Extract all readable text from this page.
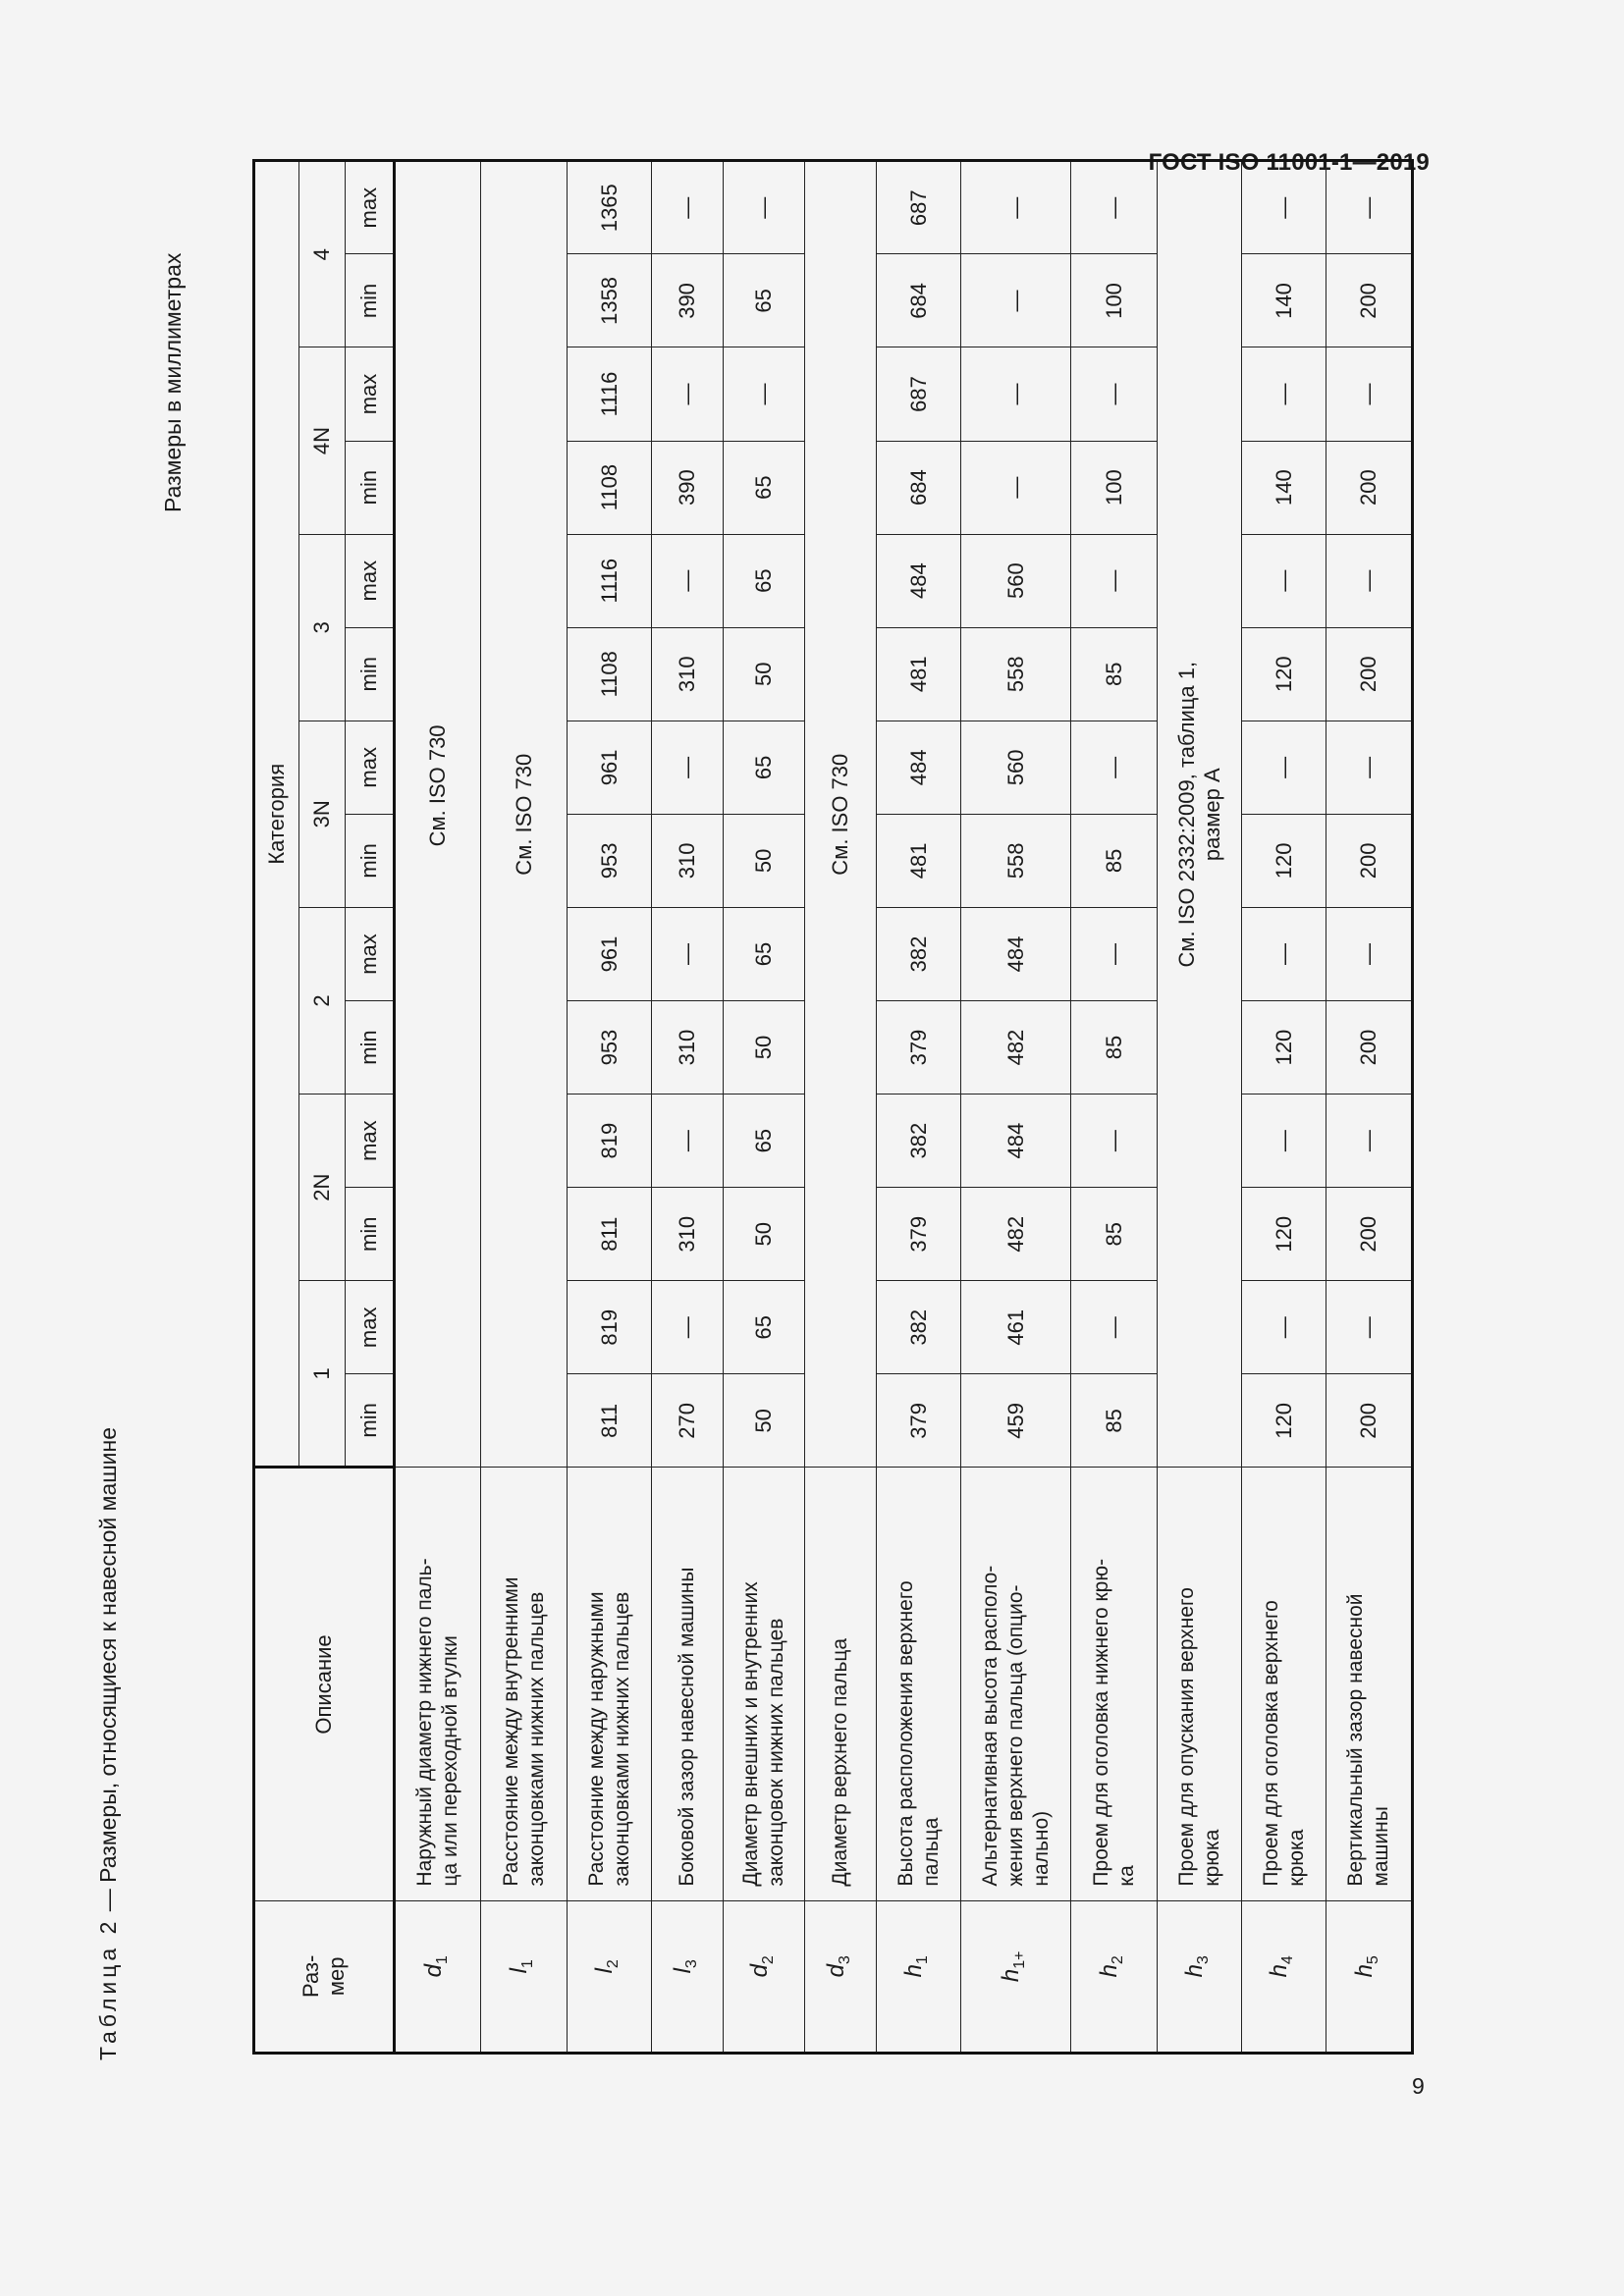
ГОСТ ISO 11001-1—2019
Таблица 2 — Размеры, относящиеся к навесной машине
Размеры в миллиметрах
Раз-
мер	Описание	Категория													
		1		2N		2		3N		3		4N		4	
		min	max	min	max	min	max	min	max	min	max	min	max	min	max
$d_1$	Наружный диаметр нижнего паль-
ца или переходной втулки	См. ISO 730													
$l_1$	Расстояние между внутренними
законцовками нижних пальцев	См. ISO 730													
$l_2$	Расстояние между наружными
законцовками нижних пальцев	811	819	811	819	953	961	953	961	1108	1116	1108	1116	1358	1365
$l_3$	Боковой зазор навесной машины	270	—	310	—	310	—	310	—	310	—	390	—	390	—
$d_2$	Диаметр внешних и внутренних
законцовок нижних пальцев	50	65	50	65	50	65	50	65	50	65	65	—	65	—
$d_3$	Диаметр верхнего пальца	См. ISO 730													
$h_1$	Высота расположения верхнего
пальца	379	382	379	382	379	382	481	484	481	484	684	687	684	687
$h_{1+}$	Альтернативная высота располо-
жения верхнего пальца (опцио-
нально)	459	461	482	484	482	484	558	560	558	560	—	—	—	—
$h_2$	Проем для оголовка нижнего крю-
ка	85	—	85	—	85	—	85	—	85	—	100	—	100	—
$h_3$	Проем для опускания верхнего
крюка	См. ISO 2332:2009, таблица 1,
размер А													
$h_4$	Проем для оголовка верхнего
крюка	120	—	120	—	120	—	120	—	120	—	140	—	140	—
$h_5$	Вертикальный зазор навесной
машины	200	—	200	—	200	—	200	—	200	—	200	—	200	—
9
